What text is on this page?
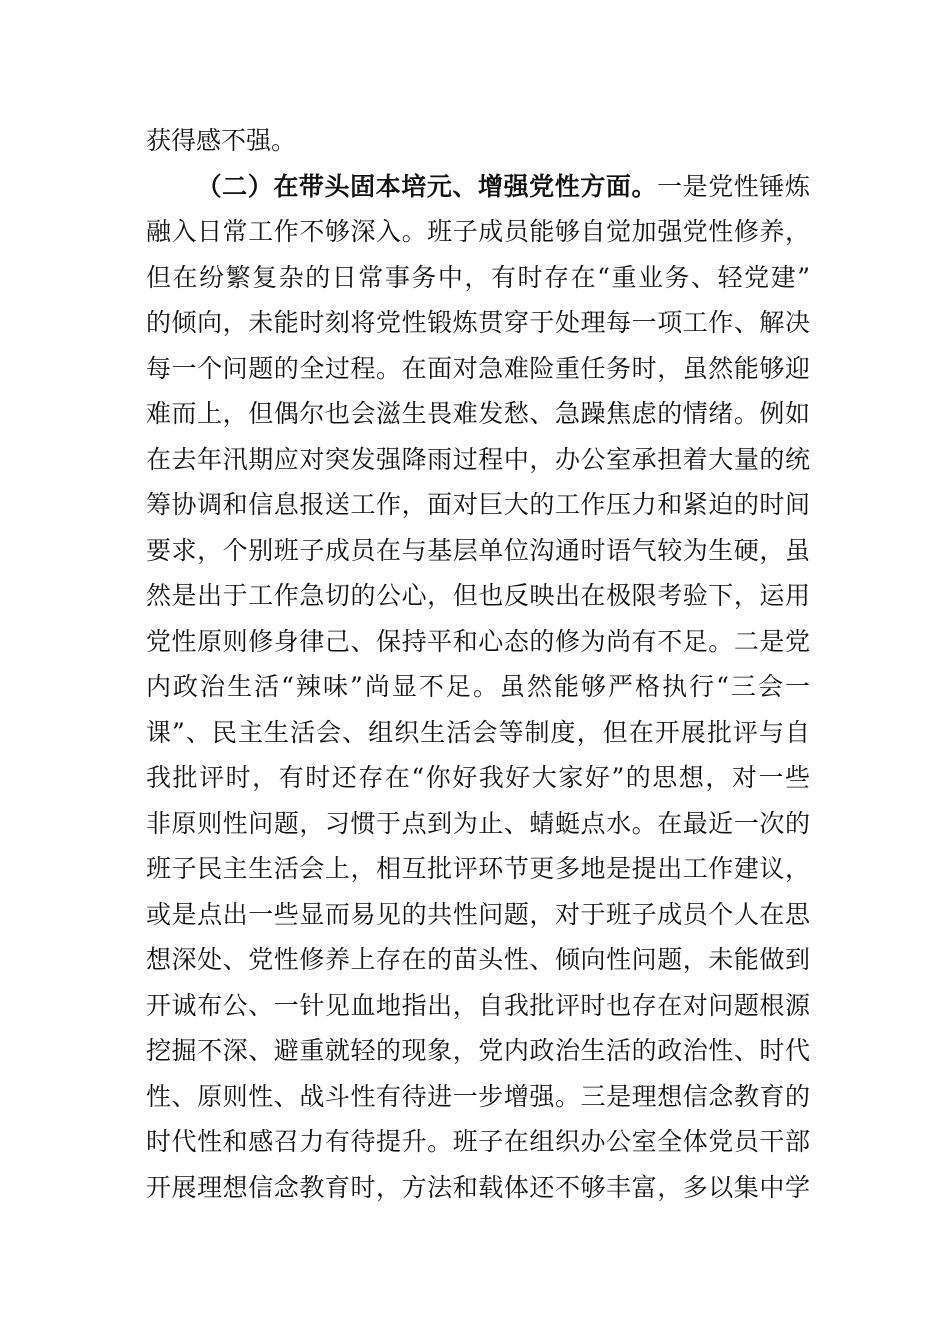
获得感不强。
（二）在带头固本培元、增强党性方面。一是党性锤炼
融入日常工作不够深入。班子成员能够自觉加强党性修养，
但在纷繁复杂的日常事务中，有时存在“重业务、轻党建”
的倾向，未能时刻将党性锻炼贯穿于处理每一项工作、解决
每一个问题的全过程。在面对急难险重任务时，虽然能够迎
难而上，但偶尔也会滋生畏难发愁、急躁焦虑的情绪。例如
在去年汛期应对突发强降雨过程中，办公室承担着大量的统
筹协调和信息报送工作，面对巨大的工作压力和紧迫的时间
要求，个别班子成员在与基层单位沟通时语气较为生硬，虽
然是出于工作急切的公心，但也反映出在极限考验下，运用
党性原则修身律己、保持平和心态的修为尚有不足。二是党
内政治生活“辣味”尚显不足。虽然能够严格执行“三会一
课”、民主生活会、组织生活会等制度，但在开展批评与自
我批评时，有时还存在“你好我好大家好”的思想，对一些
非原则性问题，习惯于点到为止、蜻蜓点水。在最近一次的
班子民主生活会上，相互批评环节更多地是提出工作建议，
或是点出一些显而易见的共性问题，对于班子成员个人在思
想深处、党性修养上存在的苗头性、倾向性问题，未能做到
开诚布公、一针见血地指出，自我批评时也存在对问题根源
挖掘不深、避重就轻的现象，党内政治生活的政治性、时代
性、原则性、战斗性有待进一步增强。三是理想信念教育的
时代性和感召力有待提升。班子在组织办公室全体党员干部
开展理想信念教育时，方法和载体还不够丰富，多以集中学
